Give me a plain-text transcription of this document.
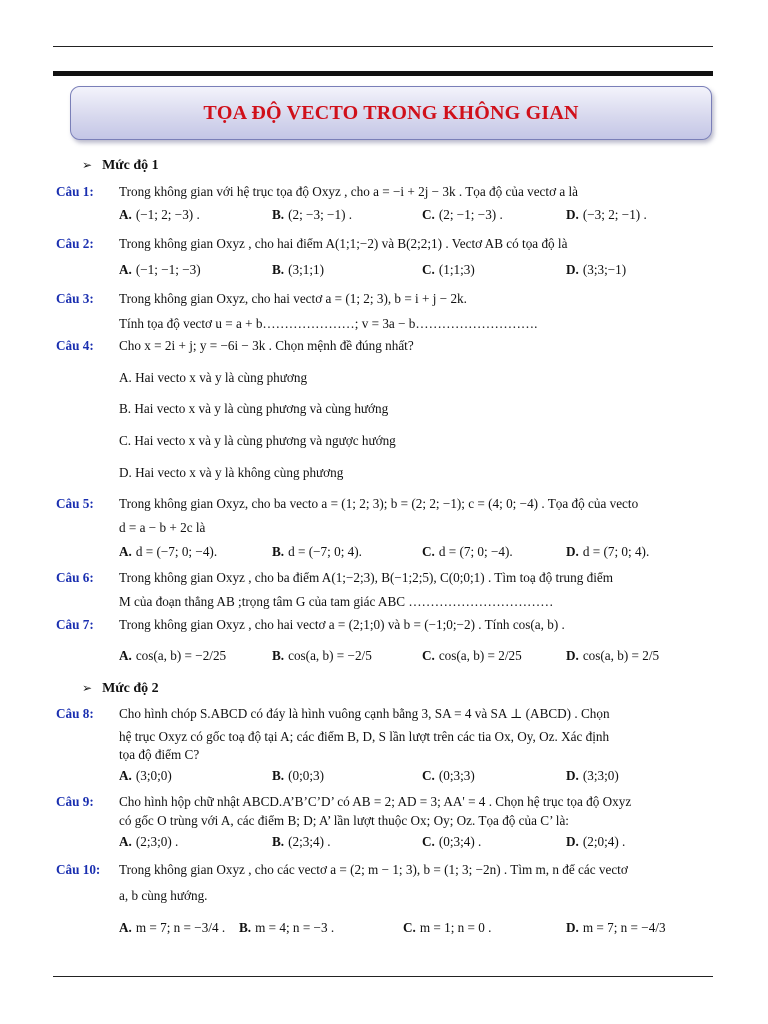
TỌA ĐỘ VECTO TRONG KHÔNG GIAN
➢ Mức độ 1
Câu 1: Trong không gian với hệ trục tọa độ Oxyz , cho a = −i + 2j − 3k . Tọa độ của vectơ a là
A. (−1; 2; −3) .	B. (2; −3; −1) .	C. (2; −1; −3) .	D. (−3; 2; −1) .
Câu 2: Trong không gian Oxyz , cho hai điểm A(1;1;−2) và B(2;2;1) . Vectơ AB có tọa độ là
A. (−1; −1; −3)	B. (3;1;1)	C. (1;1;3)	D. (3;3;−1)
Câu 3: Trong không gian Oxyz, cho hai vectơ a = (1; 2; 3), b = i + j − 2k.
Tính tọa độ vectơ u = a + b…………………; v = 3a − b……………………….
Câu 4: Cho x = 2i + j; y = −6i − 3k . Chọn mệnh đề đúng nhất?
A. Hai vecto x và y là cùng phương
B. Hai vecto x và y là cùng phương và cùng hướng
C. Hai vecto x và y là cùng phương và ngược hướng
D. Hai vecto x và y là không cùng phương
Câu 5: Trong không gian Oxyz, cho ba vecto a = (1; 2; 3); b = (2; 2; −1); c = (4; 0; −4) . Tọa độ của vecto
d = a − b + 2c là
A. d = (−7; 0; −4).	B. d = (−7; 0; 4).	C. d = (7; 0; −4).	D. d = (7; 0; 4).
Câu 6: Trong không gian Oxyz , cho ba điểm A(1;−2;3), B(−1;2;5), C(0;0;1) . Tìm toạ độ trung điểm
M của đoạn thẳng AB ;trọng tâm G của tam giác ABC ……………………………
Câu 7: Trong không gian Oxyz , cho hai vectơ a = (2;1;0) và b = (−1;0;−2) . Tính cos(a, b) .
A. cos(a, b) = −2/25	B. cos(a, b) = −2/5	C. cos(a, b) = 2/25	D. cos(a, b) = 2/5
➢ Mức độ 2
Câu 8: Cho hình chóp S.ABCD có đáy là hình vuông cạnh bằng 3, SA = 4 và SA ⊥ (ABCD) . Chọn
hệ trục Oxyz có gốc toạ độ tại A; các điểm B, D, S lần lượt trên các tia Ox, Oy, Oz. Xác định
tọa độ điểm C?
A. (3;0;0)	B. (0;0;3)	C. (0;3;3)	D. (3;3;0)
Câu 9: Cho hình hộp chữ nhật ABCD.A’B’C’D’ có AB = 2; AD = 3; AA' = 4 . Chọn hệ trục tọa độ Oxyz
có gốc O trùng với A, các điểm B; D; A’ lần lượt thuộc Ox; Oy; Oz. Tọa độ của C’ là:
A. (2;3;0) .	B. (2;3;4) .	C. (0;3;4) .	D. (2;0;4) .
Câu 10: Trong không gian Oxyz , cho các vectơ a = (2; m − 1; 3), b = (1; 3; −2n) . Tìm m, n để các vectơ
a, b cùng hướng.
A. m = 7; n = −3/4 . B. m = 4; n = −3 .	C. m = 1; n = 0 .	D. m = 7; n = −4/3
